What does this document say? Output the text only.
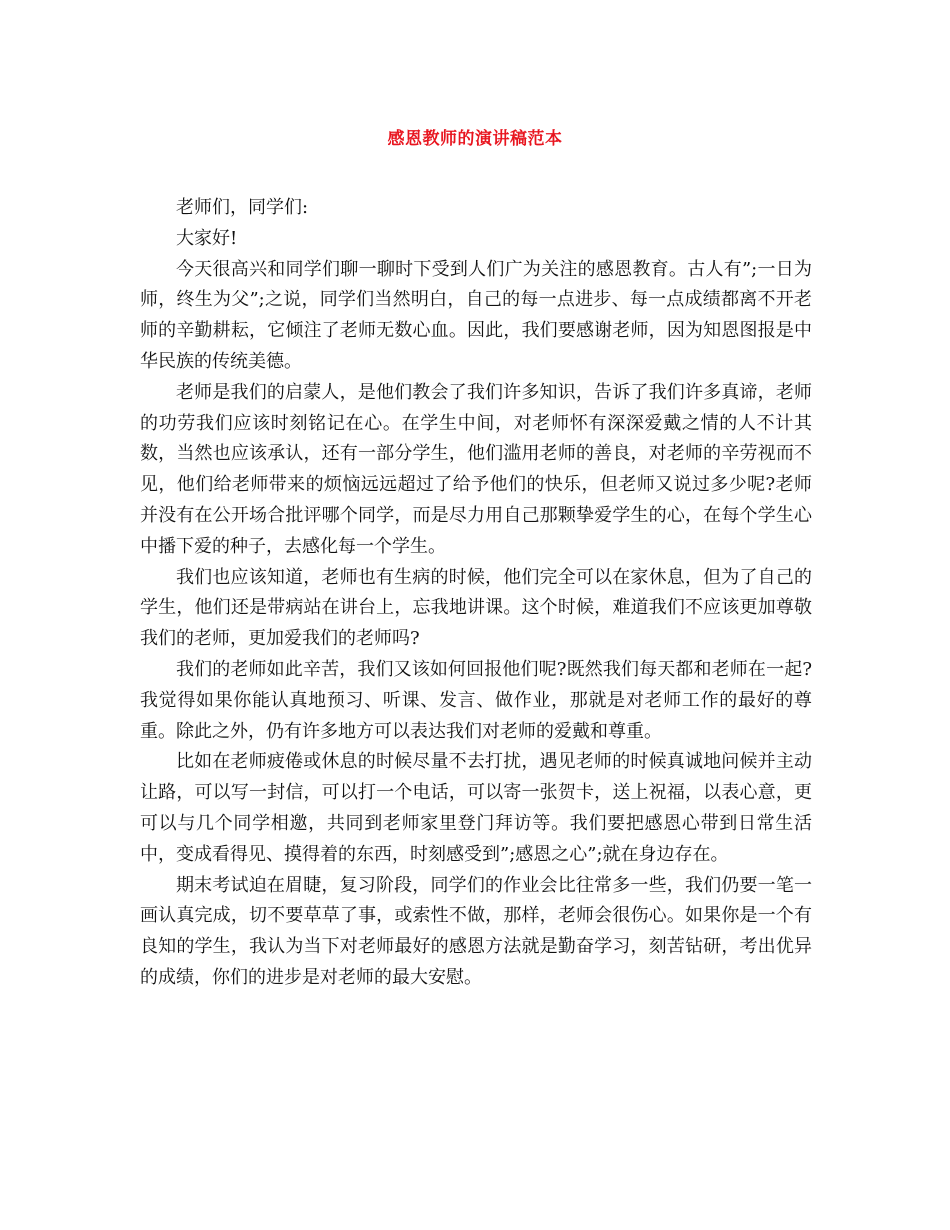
感恩教师的演讲稿范本

老师们，同学们:

大家好!

今天很高兴和同学们聊一聊时下受到人们广为关注的感恩教育。古人有”;一日为师，终生为父”;之说，同学们当然明白，自己的每一点进步、每一点成绩都离不开老师的辛勤耕耘，它倾注了老师无数心血。因此，我们要感谢老师，因为知恩图报是中华民族的传统美德。

老师是我们的启蒙人，是他们教会了我们许多知识，告诉了我们许多真谛，老师的功劳我们应该时刻铭记在心。在学生中间，对老师怀有深深爱戴之情的人不计其数，当然也应该承认，还有一部分学生，他们滥用老师的善良，对老师的辛劳视而不见，他们给老师带来的烦恼远远超过了给予他们的快乐，但老师又说过多少呢?老师并没有在公开场合批评哪个同学，而是尽力用自己那颗挚爱学生的心，在每个学生心中播下爱的种子，去感化每一个学生。

我们也应该知道，老师也有生病的时候，他们完全可以在家休息，但为了自己的学生，他们还是带病站在讲台上，忘我地讲课。这个时候，难道我们不应该更加尊敬我们的老师，更加爱我们的老师吗?

我们的老师如此辛苦，我们又该如何回报他们呢?既然我们每天都和老师在一起?我觉得如果你能认真地预习、听课、发言、做作业，那就是对老师工作的最好的尊重。除此之外，仍有许多地方可以表达我们对老师的爱戴和尊重。

比如在老师疲倦或休息的时候尽量不去打扰，遇见老师的时候真诚地问候并主动让路，可以写一封信，可以打一个电话，可以寄一张贺卡，送上祝福，以表心意，更可以与几个同学相邀，共同到老师家里登门拜访等。我们要把感恩心带到日常生活中，变成看得见、摸得着的东西，时刻感受到”;感恩之心”;就在身边存在。

期末考试迫在眉睫，复习阶段，同学们的作业会比往常多一些，我们仍要一笔一画认真完成，切不要草草了事，或索性不做，那样，老师会很伤心。如果你是一个有良知的学生，我认为当下对老师最好的感恩方法就是勤奋学习，刻苦钻研，考出优异的成绩，你们的进步是对老师的最大安慰。
